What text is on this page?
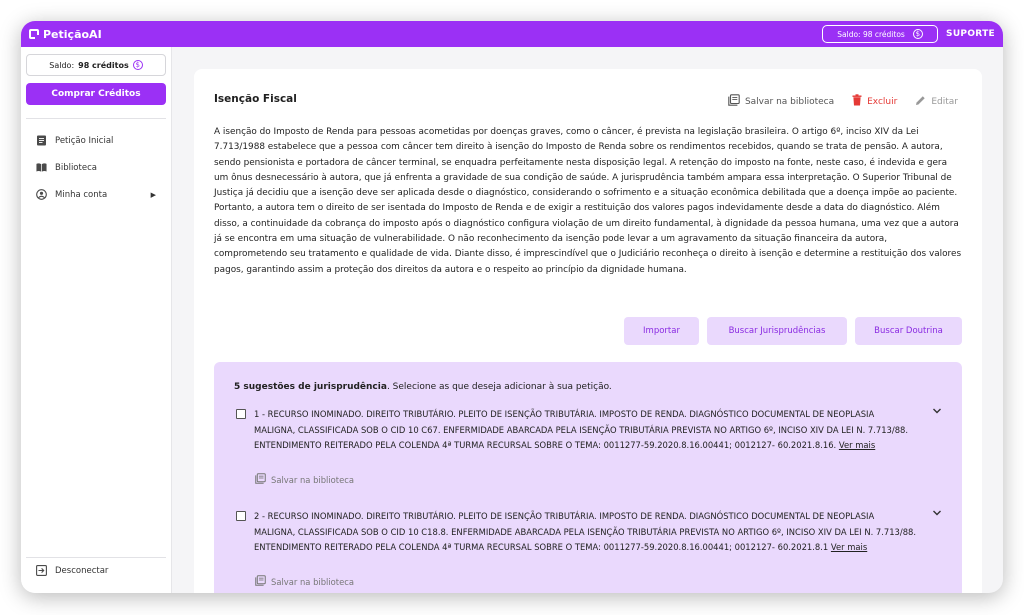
PetiçãoAI	Saldo: 98 créditos	$	SUPORTE
Saldo: 98 créditos $
Comprar Créditos
Petição Inicial
Biblioteca
Minha conta	▶
Desconectar
Isenção Fiscal	Salvar na biblioteca	Excluir	Editar

A isenção do Imposto de Renda para pessoas acometidas por doenças graves, como o câncer, é prevista na legislação brasileira. O artigo 6º, inciso XIV da Lei 7.713/1988 estabelece que a pessoa com câncer tem direito à isenção do Imposto de Renda sobre os rendimentos recebidos, quando se trata de pensão. A autora, sendo pensionista e portadora de câncer terminal, se enquadra perfeitamente nesta disposição legal. A retenção do imposto na fonte, neste caso, é indevida e gera um ônus desnecessário à autora, que já enfrenta a gravidade de sua condição de saúde. A jurisprudência também ampara essa interpretação. O Superior Tribunal de Justiça já decidiu que a isenção deve ser aplicada desde o diagnóstico, considerando o sofrimento e a situação econômica debilitada que a doença impõe ao paciente. Portanto, a autora tem o direito de ser isentada do Imposto de Renda e de exigir a restituição dos valores pagos indevidamente desde a data do diagnóstico. Além disso, a continuidade da cobrança do imposto após o diagnóstico configura violação de um direito fundamental, à dignidade da pessoa humana, uma vez que a autora já se encontra em uma situação de vulnerabilidade. O não reconhecimento da isenção pode levar a um agravamento da situação financeira da autora, comprometendo seu tratamento e qualidade de vida. Diante disso, é imprescindível que o Judiciário reconheça o direito à isenção e determine a restituição dos valores pagos, garantindo assim a proteção dos direitos da autora e o respeito ao princípio da dignidade humana.

Importar	Buscar Jurisprudências	Buscar Doutrina
5 sugestões de jurisprudência. Selecione as que deseja adicionar à sua petição.
1 - RECURSO INOMINADO. DIREITO TRIBUTÁRIO. PLEITO DE ISENÇÃO TRIBUTÁRIA. IMPOSTO DE RENDA. DIAGNÓSTICO DOCUMENTAL DE NEOPLASIA MALIGNA, CLASSIFICADA SOB O CID 10 C67. ENFERMIDADE ABARCADA PELA ISENÇÃO TRIBUTÁRIA PREVISTA NO ARTIGO 6º, INCISO XIV DA LEI N. 7.713/88. ENTENDIMENTO REITERADO PELA COLENDA 4ª TURMA RECURSAL SOBRE O TEMA: 0011277-59.2020.8.16.00441; 0012127- 60.2021.8.16. Ver mais
Salvar na biblioteca
2 - RECURSO INOMINADO. DIREITO TRIBUTÁRIO. PLEITO DE ISENÇÃO TRIBUTÁRIA. IMPOSTO DE RENDA. DIAGNÓSTICO DOCUMENTAL DE NEOPLASIA MALIGNA, CLASSIFICADA SOB O CID 10 C18.8. ENFERMIDADE ABARCADA PELA ISENÇÃO TRIBUTÁRIA PREVISTA NO ARTIGO 6º, INCISO XIV DA LEI N. 7.713/88. ENTENDIMENTO REITERADO PELA COLENDA 4ª TURMA RECURSAL SOBRE O TEMA: 0011277-59.2020.8.16.00441; 0012127- 60.2021.8.1 Ver mais
Salvar na biblioteca
